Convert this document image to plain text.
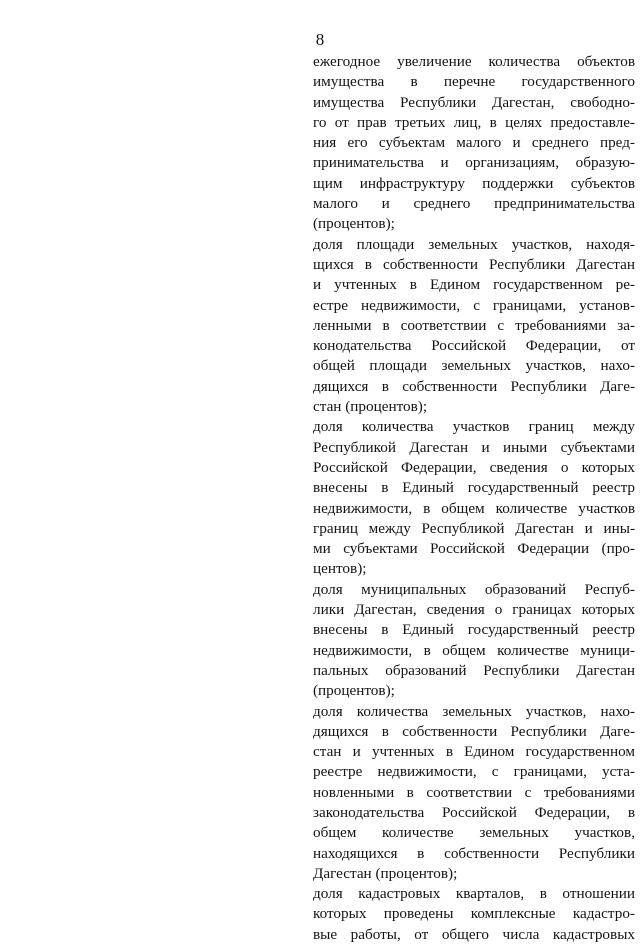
8
ежегодное увеличение количества объектов
имущества в перечне государственного
имущества Республики Дагестан, свободно-
го от прав третьих лиц, в целях предоставле-
ния его субъектам малого и среднего пред-
принимательства и организациям, образую-
щим инфраструктуру поддержки субъектов
малого и среднего предпринимательства
(процентов);
доля площади земельных участков, находя-
щихся в собственности Республики Дагестан
и учтенных в Едином государственном ре-
естре недвижимости, с границами, установ-
ленными в соответствии с требованиями за-
конодательства Российской Федерации, от
общей площади земельных участков, нахо-
дящихся в собственности Республики Даге-
стан (процентов);
доля количества участков границ между
Республикой Дагестан и иными субъектами
Российской Федерации, сведения о которых
внесены в Единый государственный реестр
недвижимости, в общем количестве участков
границ между Республикой Дагестан и ины-
ми субъектами Российской Федерации (про-
центов);
доля муниципальных образований Респуб-
лики Дагестан, сведения о границах которых
внесены в Единый государственный реестр
недвижимости, в общем количестве муници-
пальных образований Республики Дагестан
(процентов);
доля количества земельных участков, нахо-
дящихся в собственности Республики Даге-
стан и учтенных в Едином государственном
реестре недвижимости, с границами, уста-
новленными в соответствии с требованиями
законодательства Российской Федерации, в
общем количестве земельных участков,
находящихся в собственности Республики
Дагестан (процентов);
доля кадастровых кварталов, в отношении
которых проведены комплексные кадастро-
вые работы, от общего числа кадастровых
